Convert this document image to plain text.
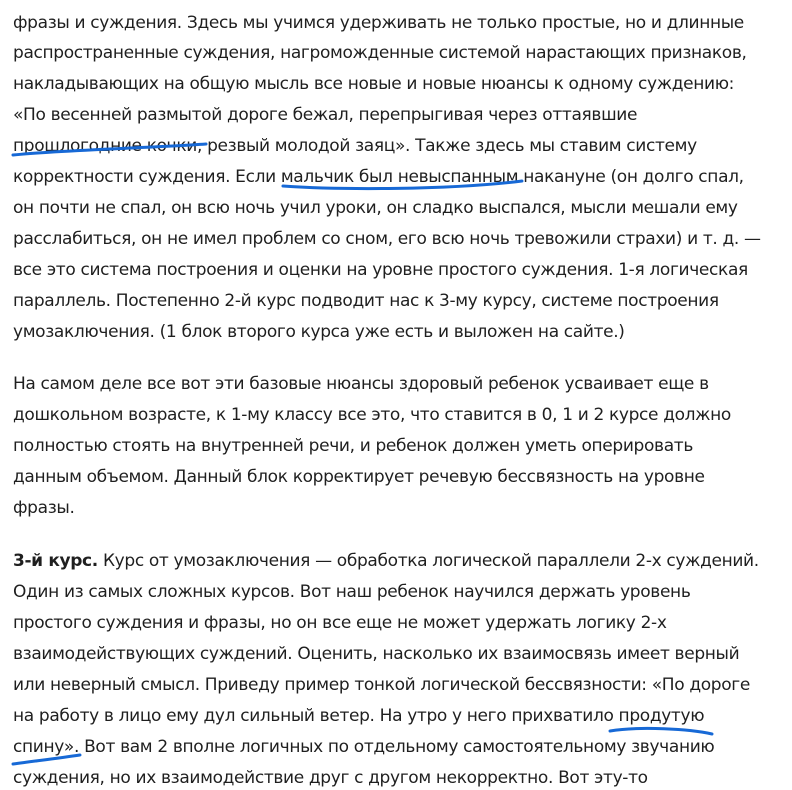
фразы и суждения. Здесь мы учимся удерживать не только простые, но и длинные
распространенные суждения, нагроможденные системой нарастающих признаков,
накладывающих на общую мысль все новые и новые нюансы к одному суждению:
«По весенней размытой дороге бежал, перепрыгивая через оттаявшие
прошлогодние кочки, резвый молодой заяц». Также здесь мы ставим систему
корректности суждения. Если мальчик был невыспанным накануне (он долго спал,
он почти не спал, он всю ночь учил уроки, он сладко выспался, мысли мешали ему
расслабиться, он не имел проблем со сном, его всю ночь тревожили страхи) и т. д. —
все это система построения и оценки на уровне простого суждения. 1-я логическая
параллель. Постепенно 2-й курс подводит нас к 3-му курсу, системе построения
умозаключения. (1 блок второго курса уже есть и выложен на сайте.)
На самом деле все вот эти базовые нюансы здоровый ребенок усваивает еще в
дошкольном возрасте, к 1-му классу все это, что ставится в 0, 1 и 2 курсе должно
полностью стоять на внутренней речи, и ребенок должен уметь оперировать
данным объемом. Данный блок корректирует речевую бессвязность на уровне
фразы.
3-й курс. Курс от умозаключения — обработка логической параллели 2-х суждений.
Один из самых сложных курсов. Вот наш ребенок научился держать уровень
простого суждения и фразы, но он все еще не может удержать логику 2-х
взаимодействующих суждений. Оценить, насколько их взаимосвязь имеет верный
или неверный смысл. Приведу пример тонкой логической бессвязности: «По дороге
на работу в лицо ему дул сильный ветер. На утро у него прихватило продутую
спину». Вот вам 2 вполне логичных по отдельному самостоятельному звучанию
суждения, но их взаимодействие друг с другом некорректно. Вот эту-то
